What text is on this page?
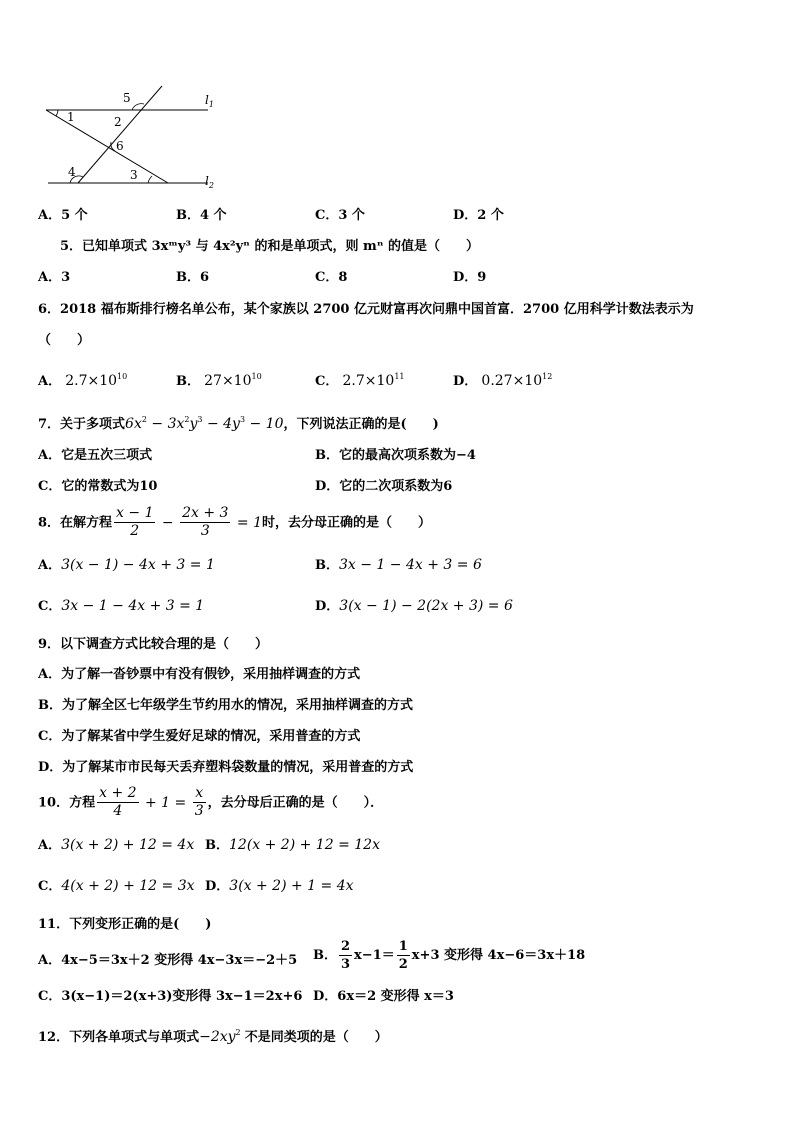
5
1	2
6
4	3
$l_1$
$l_2$
A．5 个	B．4 个	C．3 个	D．2 个
5．已知单项式 3xᵐy³ 与 4x²yⁿ 的和是单项式，则 mⁿ 的值是（　　）
A．3	B．6	C．8	D．9
6．2018 福布斯排行榜名单公布，某个家族以 2700 亿元财富再次问鼎中国首富．2700 亿用科学计数法表示为
（　　）
A． $2.7\times 10^{10}$	B． $27\times 10^{10}$	C． $2.7\times 10^{11}$	D． $0.27\times 10^{12}$
7．关于多项式$6x^2 - 3x^2y^3 - 4y^3 - 10$，下列说法正确的是(　　)
A．它是五次三项式	B．它的最高次项系数为−4
C．它的常数式为10	D．它的二次项系数为6
8．在解方程 $\frac{x - 1}{2} - \frac{2x + 3}{3} = 1$时，去分母正确的是（　　）
A．3(x − 1) − 4x + 3 = 1	B．3x − 1 − 4x + 3 = 6
C．3x − 1 − 4x + 3 = 1	D．3(x − 1) − 2(2x + 3) = 6
9．以下调查方式比较合理的是（　　）
A．为了解一沓钞票中有没有假钞，采用抽样调查的方式
B．为了解全区七年级学生节约用水的情况，采用抽样调查的方式
C．为了解某省中学生爱好足球的情况，采用普查的方式
D．为了解某市市民每天丢弃塑料袋数量的情况，采用普查的方式
10．方程 $\frac{x + 2}{4} + 1 = \frac{x}{3}$ ，去分母后正确的是（　　）．
A．3(x + 2) + 12 = 4x B．12(x + 2) + 12 = 12x
C．4(x + 2) + 12 = 3x D．3(x + 2) + 1 = 4x
11．下列变形正确的是(　　)
A．4x−5＝3x＋2 变形得 4x−3x＝−2＋5 B． $\frac{2}{3} x-1= \frac{1}{2} x+3$ 变形得 4x−6＝3x＋18
C．3(x−1)＝2(x+3)变形得 3x−1＝2x+6 D．6x＝2 变形得 x＝3
12．下列各单项式与单项式$-2xy^2$ 不是同类项的是（　　）
